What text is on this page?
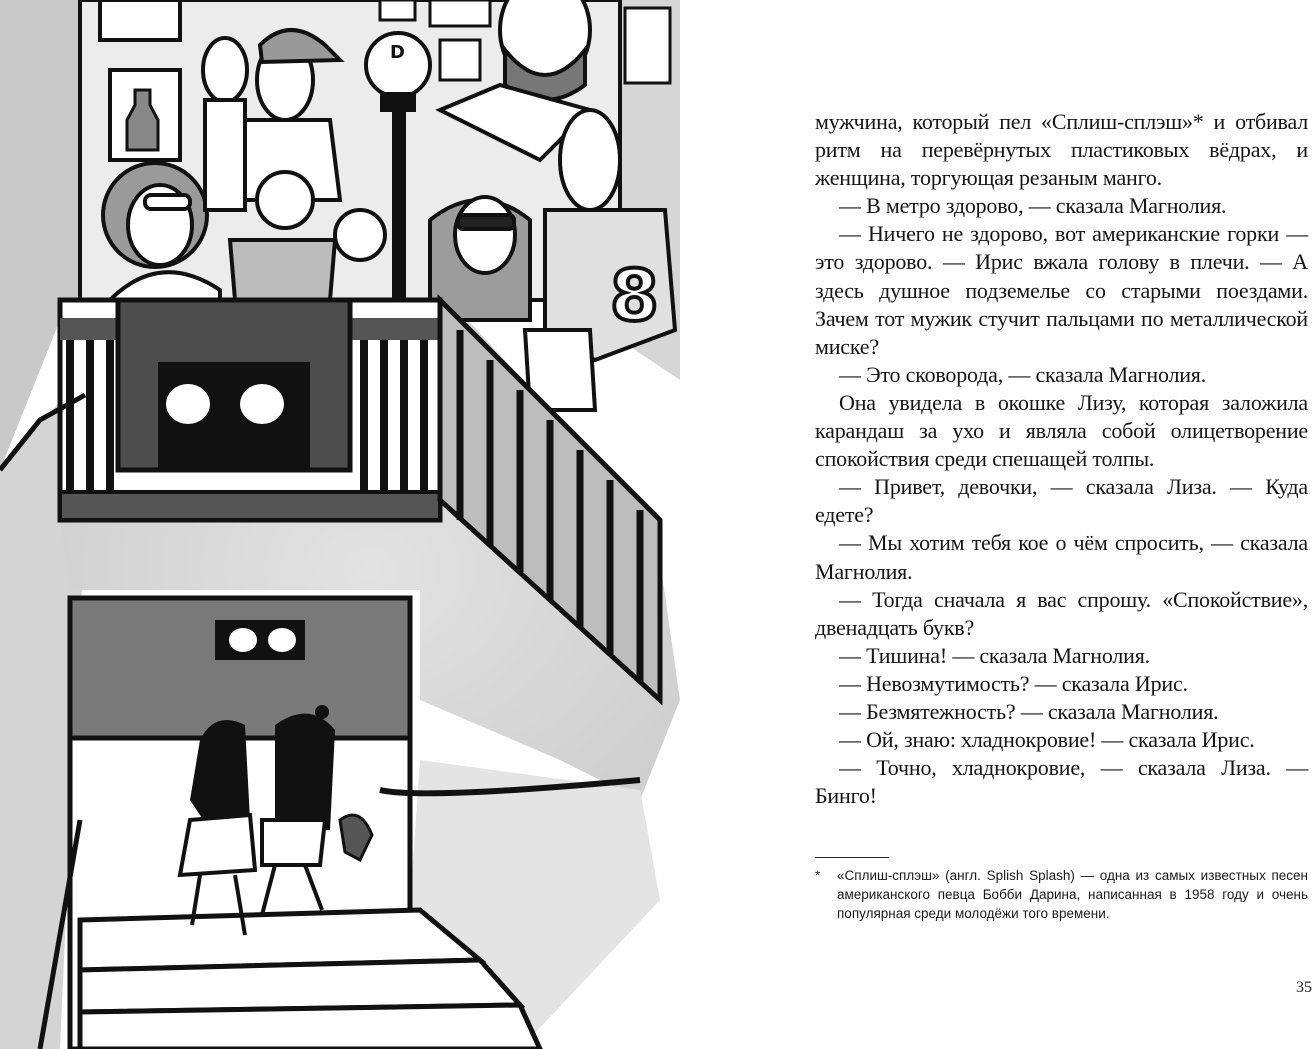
8
D

мужчина, который пел «Сплиш-сплэш»* и отбивал ритм на перевёрнутых пластиковых вёдрах, и женщина, торгующая резаным манго.

— В метро здорово, — сказала Магнолия.

— Ничего не здорово, вот американские горки — это здорово. — Ирис вжала голову в плечи. — А здесь душное подземелье со старыми поездами. Зачем тот мужик стучит пальцами по металлической миске?

— Это сковорода, — сказала Магнолия.

Она увидела в окошке Лизу, которая заложила карандаш за ухо и являла собой олицетворение спокойствия среди спешащей толпы.

— Привет, девочки, — сказала Лиза. — Куда едете?

— Мы хотим тебя кое о чём спросить, — сказала Магнолия.

— Тогда сначала я вас спрошу. «Спокойствие», двенадцать букв?

— Тишина! — сказала Магнолия.

— Невозмутимость? — сказала Ирис.

— Безмятежность? — сказала Магнолия.

— Ой, знаю: хладнокровие! — сказала Ирис.

— Точно, хладнокровие, — сказала Лиза. — Бинго!

*	«Сплиш-сплэш» (англ. Splish Splash) — одна из самых известных песен американского певца Бобби Дарина, написанная в 1958 году и очень популярная среди молодёжи того времени.
35
